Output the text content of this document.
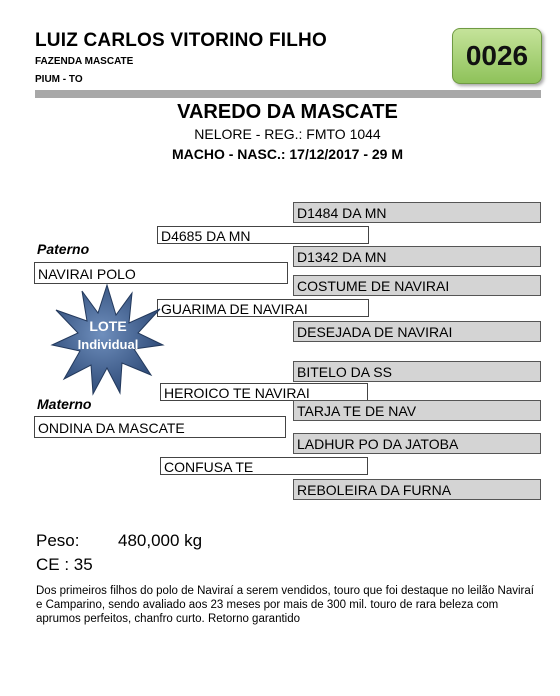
LUIZ CARLOS VITORINO FILHO
FAZENDA MASCATE
PIUM - TO
0026
VAREDO DA MASCATE
NELORE - REG.: FMTO 1044
MACHO - NASC.: 17/12/2017 - 29 M
D1484 DA MN
D4685 DA MN
Paterno	D1342 DA MN
NAVIRAI POLO
COSTUME DE NAVIRAI
GUARIMA DE NAVIRAI
DESEJADA DE NAVIRAI
LOTE
Individual
BITELO DA SS
HEROICO TE NAVIRAI
Materno	TARJA TE DE NAV
ONDINA DA MASCATE
LADHUR PO DA JATOBA
CONFUSA TE
REBOLEIRA DA FURNA
Peso: 480,000 kg
CE : 35
Dos primeiros filhos do polo de Naviraí a serem vendidos, touro que foi destaque no leilão Naviraí e Camparino, sendo avaliado aos 23 meses por mais de 300 mil. touro de rara beleza com aprumos perfeitos, chanfro curto. Retorno garantido
